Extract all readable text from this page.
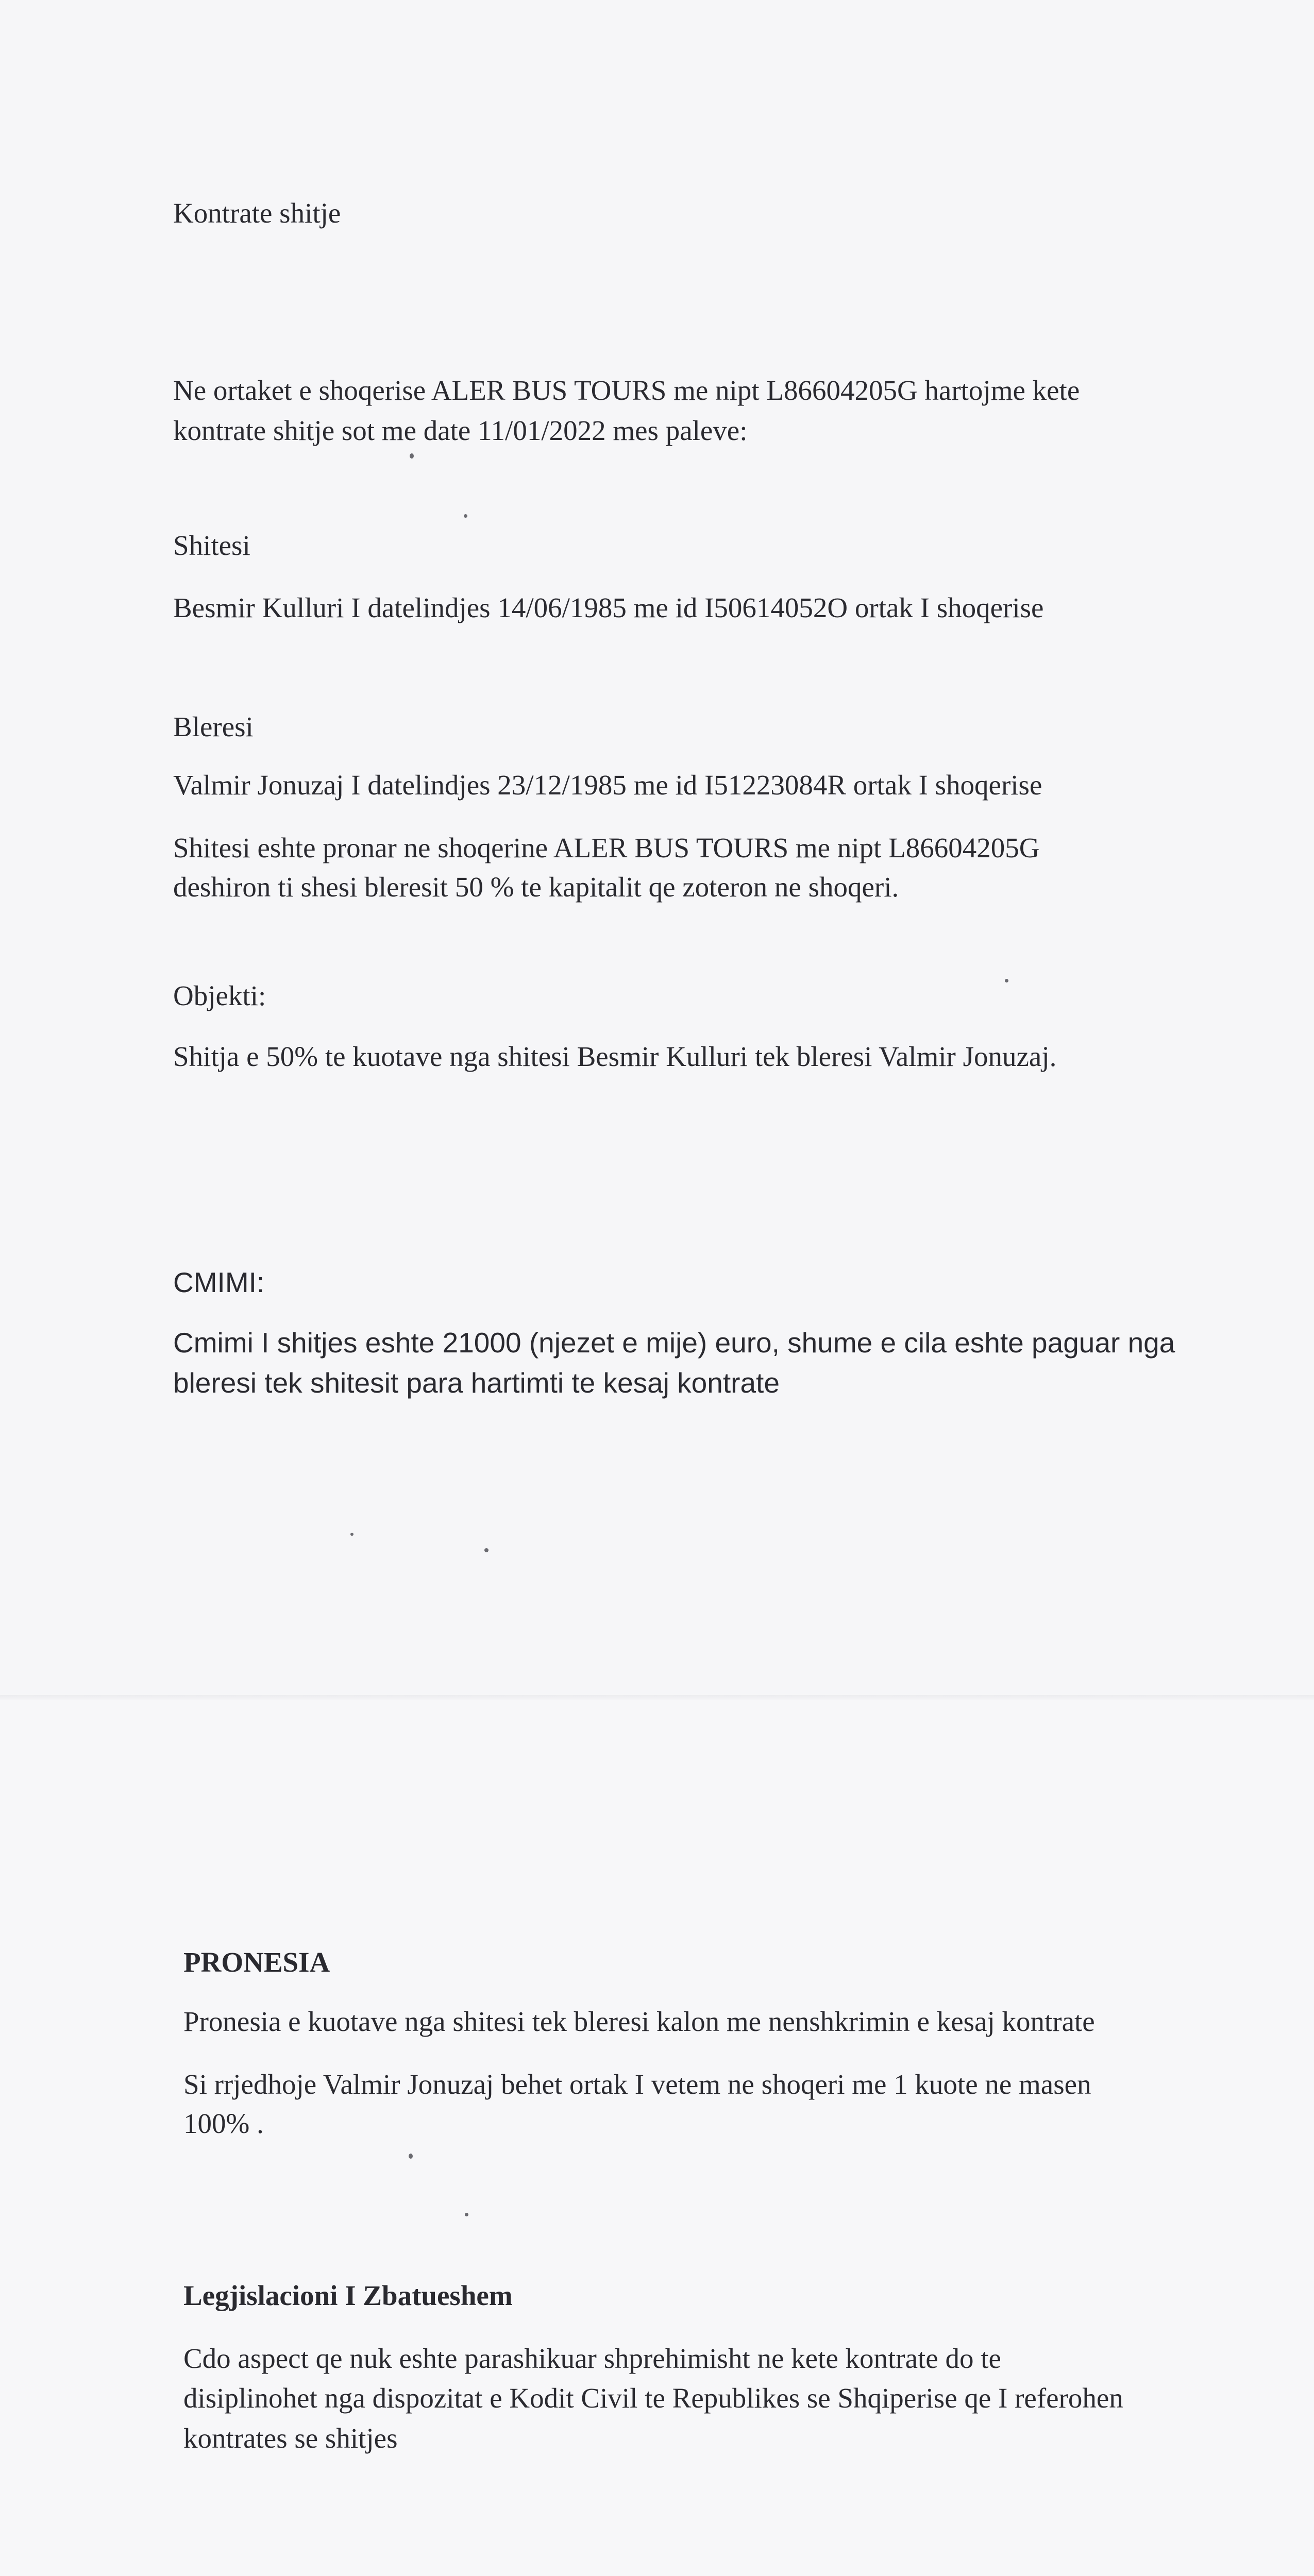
Kontrate shitje

Ne ortaket e shoqerise ALER BUS TOURS me nipt L86604205G hartojme kete

kontrate shitje sot me date 11/01/2022 mes paleve:

Shitesi

Besmir Kulluri I datelindjes 14/06/1985 me id I50614052O ortak I shoqerise

Bleresi

Valmir Jonuzaj I datelindjes 23/12/1985 me id I51223084R ortak I shoqerise

Shitesi eshte pronar ne shoqerine ALER BUS TOURS me nipt L86604205G

deshiron ti shesi bleresit 50 % te kapitalit qe zoteron ne shoqeri.

Objekti:

Shitja e 50% te kuotave nga shitesi Besmir Kulluri tek bleresi Valmir Jonuzaj.

CMIMI:

Cmimi I shitjes eshte 21000 (njezet e mije) euro, shume e cila eshte paguar nga

bleresi tek shitesit para hartimti te kesaj kontrate

PRONESIA

Pronesia e kuotave nga shitesi tek bleresi kalon me nenshkrimin e kesaj kontrate

Si rrjedhoje Valmir Jonuzaj behet ortak I vetem ne shoqeri me 1 kuote ne masen

100% .

Legjislacioni I Zbatueshem

Cdo aspect qe nuk eshte parashikuar shprehimisht ne kete kontrate do te

disiplinohet nga dispozitat e Kodit Civil te Republikes se Shqiperise qe I referohen

kontrates se shitjes
